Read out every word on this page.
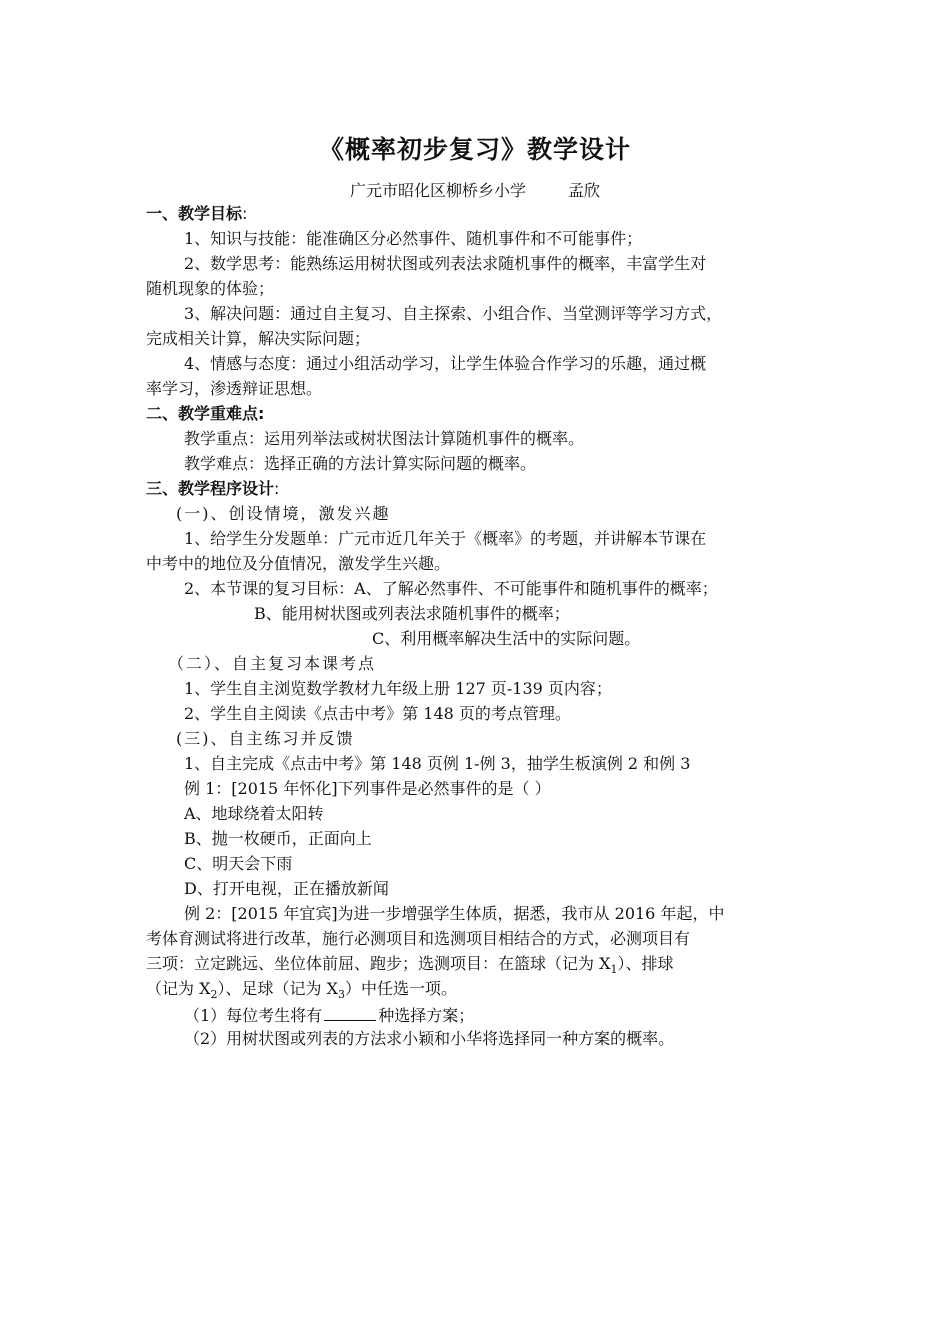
《概率初步复习》教学设计
广元市昭化区柳桥乡小学	孟欣
一、教学目标:
1、知识与技能：能准确区分必然事件、随机事件和不可能事件；
2、数学思考：能熟练运用树状图或列表法求随机事件的概率，丰富学生对
随机现象的体验；
3、解决问题：通过自主复习、自主探索、小组合作、当堂测评等学习方式，
完成相关计算，解决实际问题；
4、情感与态度：通过小组活动学习，让学生体验合作学习的乐趣，通过概
率学习，渗透辩证思想。
二、教学重难点:
教学重点：运用列举法或树状图法计算随机事件的概率。
教学难点：选择正确的方法计算实际问题的概率。
三、教学程序设计:
(一)、创设情境，激发兴趣
1、给学生分发题单：广元市近几年关于《概率》的考题，并讲解本节课在
中考中的地位及分值情况，激发学生兴趣。
2、本节课的复习目标：A、了解必然事件、不可能事件和随机事件的概率；
B、能用树状图或列表法求随机事件的概率；
C、利用概率解决生活中的实际问题。
（二）、自主复习本课考点
1、学生自主浏览数学教材九年级上册 127 页-139 页内容；
2、学生自主阅读《点击中考》第 148 页的考点管理。
(三)、自主练习并反馈
1、自主完成《点击中考》第 148 页例 1-例 3，抽学生板演例 2 和例 3
例 1：[2015 年怀化]下列事件是必然事件的是（ ）
A、地球绕着太阳转
B、抛一枚硬币，正面向上
C、明天会下雨
D、打开电视，正在播放新闻
例 2：[2015 年宜宾]为进一步增强学生体质，据悉，我市从 2016 年起，中
考体育测试将进行改革，施行必测项目和选测项目相结合的方式，必测项目有
三项：立定跳远、坐位体前屈、跑步；选测项目：在篮球（记为 $X_1$）、排球
（记为 $X_2$）、足球（记为 $X_3$）中任选一项。
（1）每位考生将有	种选择方案；
（2）用树状图或列表的方法求小颖和小华将选择同一种方案的概率。
